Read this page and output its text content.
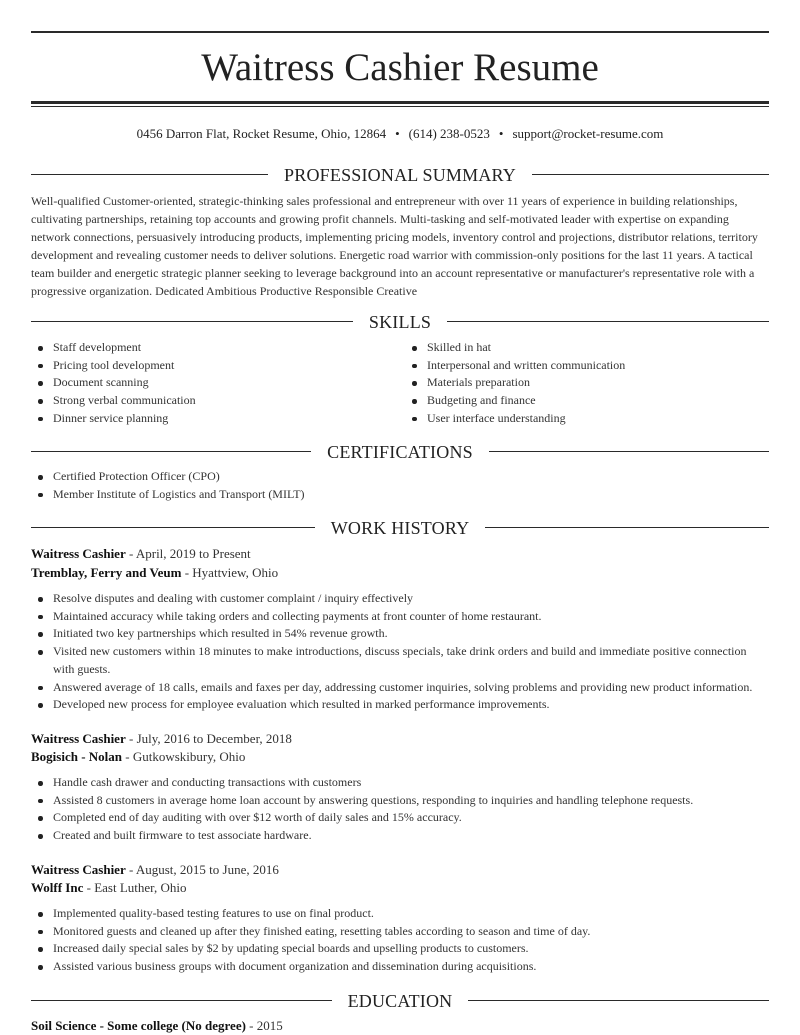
Waitress Cashier Resume
0456 Darron Flat, Rocket Resume, Ohio, 12864 • (614) 238-0523 • support@rocket-resume.com
PROFESSIONAL SUMMARY
Well-qualified Customer-oriented, strategic-thinking sales professional and entrepreneur with over 11 years of experience in building relationships, cultivating partnerships, retaining top accounts and growing profit channels. Multi-tasking and self-motivated leader with expertise on expanding network connections, persuasively introducing products, implementing pricing models, inventory control and projections, distributor relations, territory development and revealing customer needs to deliver solutions. Energetic road warrior with commission-only positions for the last 11 years. A tactical team builder and energetic strategic planner seeking to leverage background into an account representative or manufacturer's representative role with a progressive organization. Dedicated Ambitious Productive Responsible Creative
SKILLS
Staff development
Pricing tool development
Document scanning
Strong verbal communication
Dinner service planning
Skilled in hat
Interpersonal and written communication
Materials preparation
Budgeting and finance
User interface understanding
CERTIFICATIONS
Certified Protection Officer (CPO)
Member Institute of Logistics and Transport (MILT)
WORK HISTORY
Waitress Cashier - April, 2019 to Present
Tremblay, Ferry and Veum - Hyattview, Ohio
Resolve disputes and dealing with customer complaint / inquiry effectively
Maintained accuracy while taking orders and collecting payments at front counter of home restaurant.
Initiated two key partnerships which resulted in 54% revenue growth.
Visited new customers within 18 minutes to make introductions, discuss specials, take drink orders and build and immediate positive connection with guests.
Answered average of 18 calls, emails and faxes per day, addressing customer inquiries, solving problems and providing new product information.
Developed new process for employee evaluation which resulted in marked performance improvements.
Waitress Cashier - July, 2016 to December, 2018
Bogisich - Nolan - Gutkowskibury, Ohio
Handle cash drawer and conducting transactions with customers
Assisted 8 customers in average home loan account by answering questions, responding to inquiries and handling telephone requests.
Completed end of day auditing with over $12 worth of daily sales and 15% accuracy.
Created and built firmware to test associate hardware.
Waitress Cashier - August, 2015 to June, 2016
Wolff Inc - East Luther, Ohio
Implemented quality-based testing features to use on final product.
Monitored guests and cleaned up after they finished eating, resetting tables according to season and time of day.
Increased daily special sales by $2 by updating special boards and upselling products to customers.
Assisted various business groups with document organization and dissemination during acquisitions.
EDUCATION
Soil Science - Some college (No degree) - 2015
